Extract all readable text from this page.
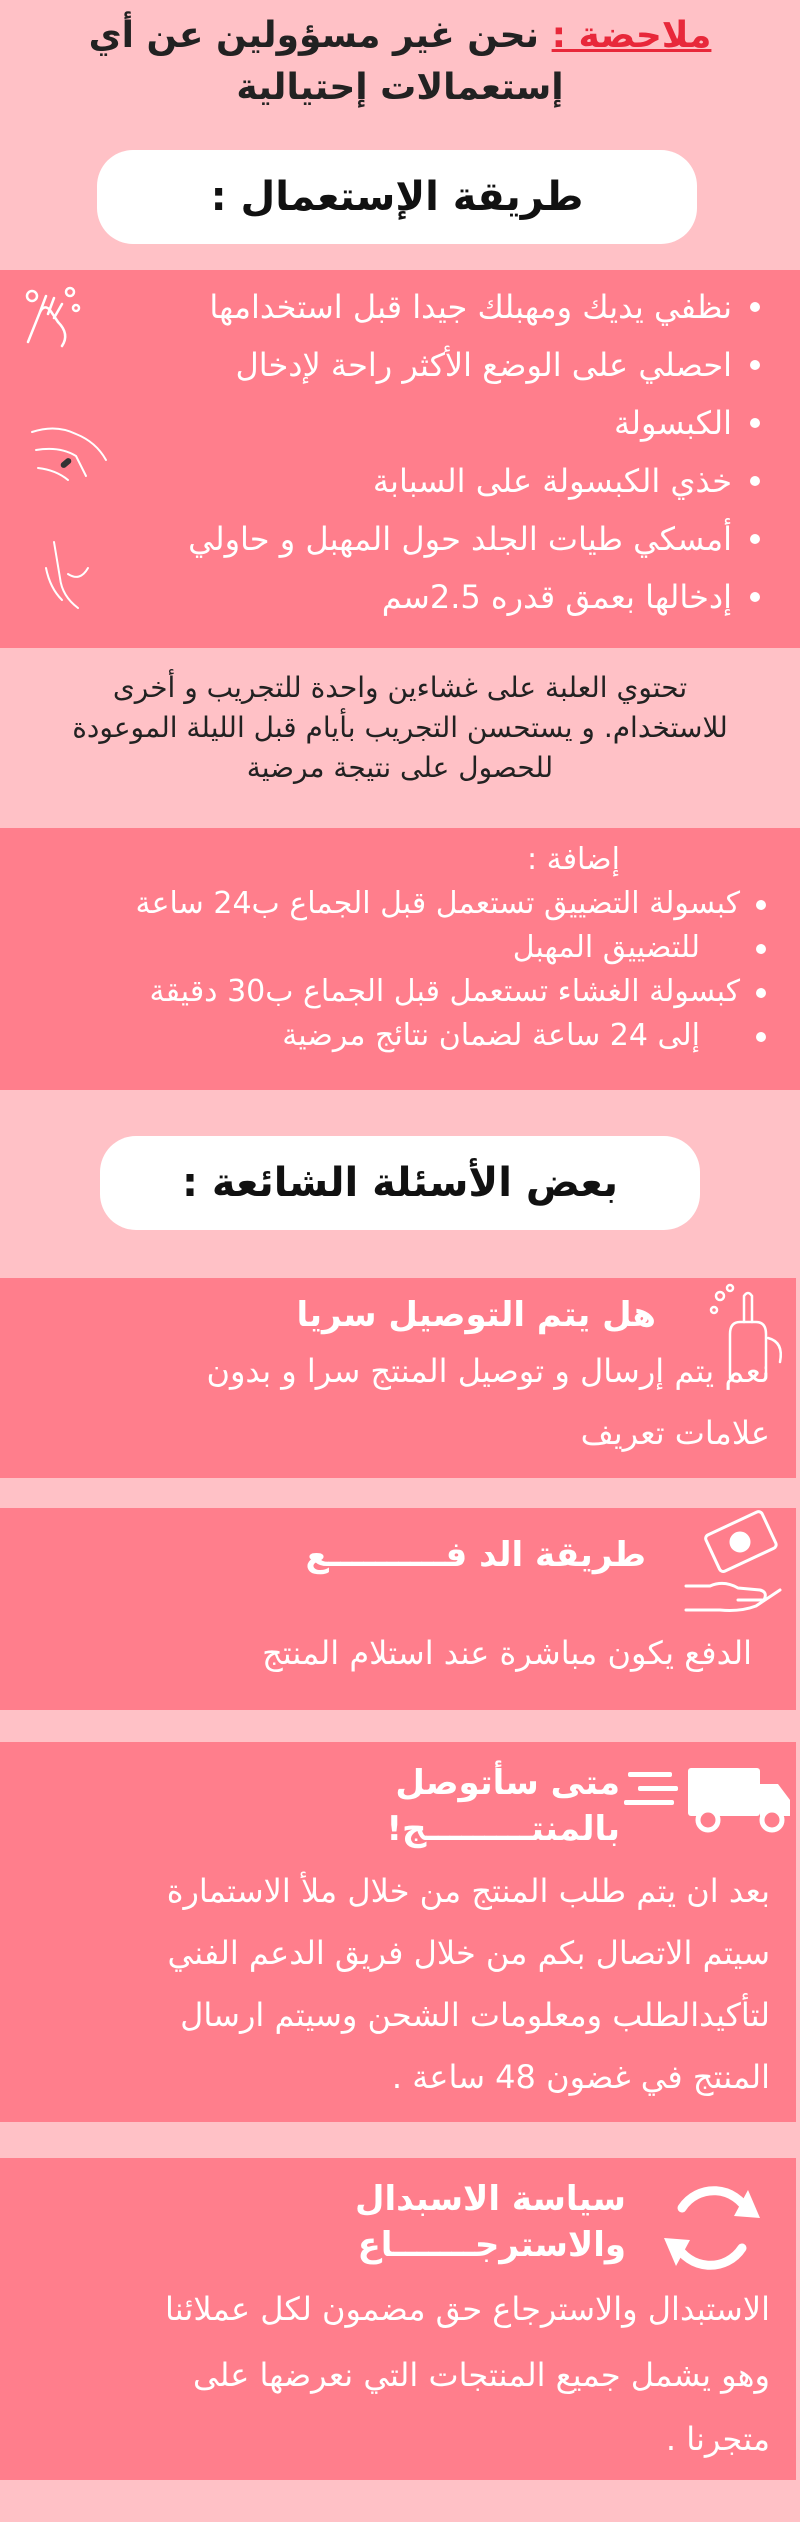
ملاحضة : نحن غير مسؤولين عن أي
إستعمالات إحتيالية
طريقة الإستعمال :
نظفي يديك ومهبلك جيدا قبل استخدامها
احصلي على الوضع الأكثر راحة لإدخال
الكبسولة
خذي الكبسولة على السبابة
أمسكي طيات الجلد حول المهبل و حاولي
إدخالها بعمق قدره 2.5سم
تحتوي العلبة على غشاءين واحدة للتجريب و أخرى
للاستخدام. و يستحسن التجريب بأيام قبل الليلة الموعودة
للحصول على نتيجة مرضية
إضافة :
كبسولة التضييق تستعمل قبل الجماع ب24 ساعة
للتضييق المهبل
كبسولة الغشاء تستعمل قبل الجماع ب30 دقيقة
إلى 24 ساعة لضمان نتائج مرضية
بعض الأسئلة الشائعة :
هل يتم التوصيل سريا
نعم يتم إرسال و توصيل المنتج سرا و بدون
علامات تعريف
طريقة الد فــــــــــع
الدفع يكون مباشرة عند استلام المنتج
متى سأتوصل
بالمنتـــــــــج!
بعد ان يتم طلب المنتج من خلال ملأ الاستمارة
سيتم الاتصال بكم من خلال فريق الدعم الفني
لتأكيدالطلب ومعلومات الشحن وسيتم ارسال
المنتج في غضون 48 ساعة .
سياسة الاسبدال
والاسترجـــــــاع
الاستبدال والاسترجاع حق مضمون لكل عملائنا
وهو يشمل جميع المنتجات التي نعرضها على
متجرنا .
